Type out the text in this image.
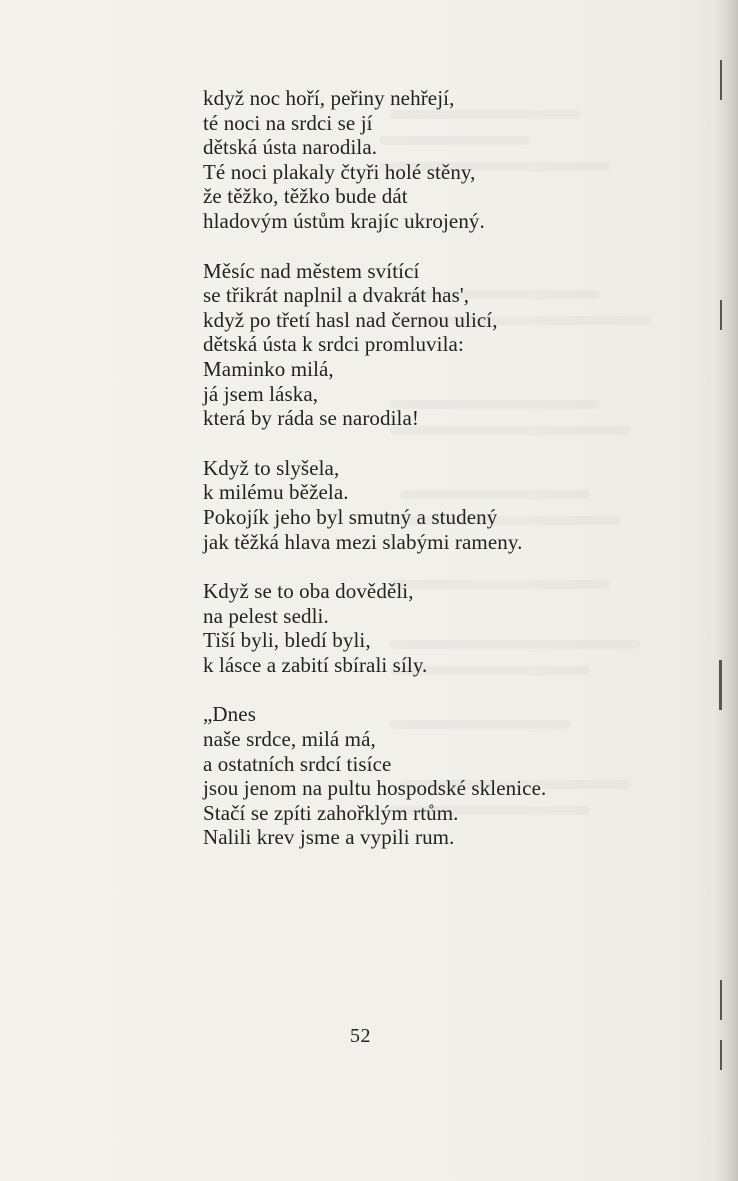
když noc hoří, peřiny nehřejí,
té noci na srdci se jí
dětská ústa narodila.
Té noci plakaly čtyři holé stěny,
že těžko, těžko bude dát
hladovým ústům krajíc ukrojený.
Měsíc nad městem svítící
se třikrát naplnil a dvakrát has',
když po třetí hasl nad černou ulicí,
dětská ústa k srdci promluvila:
Maminko milá,
já jsem láska,
která by ráda se narodila!
Když to slyšela,
k milému běžela.
Pokojík jeho byl smutný a studený
jak těžká hlava mezi slabými rameny.
Když se to oba dověděli,
na pelest sedli.
Tiší byli, bledí byli,
k lásce a zabití sbírali síly.
„Dnes
naše srdce, milá má,
a ostatních srdcí tisíce
jsou jenom na pultu hospodské sklenice.
Stačí se zpíti zahořklým rtům.
Nalili krev jsme a vypili rum.
52
